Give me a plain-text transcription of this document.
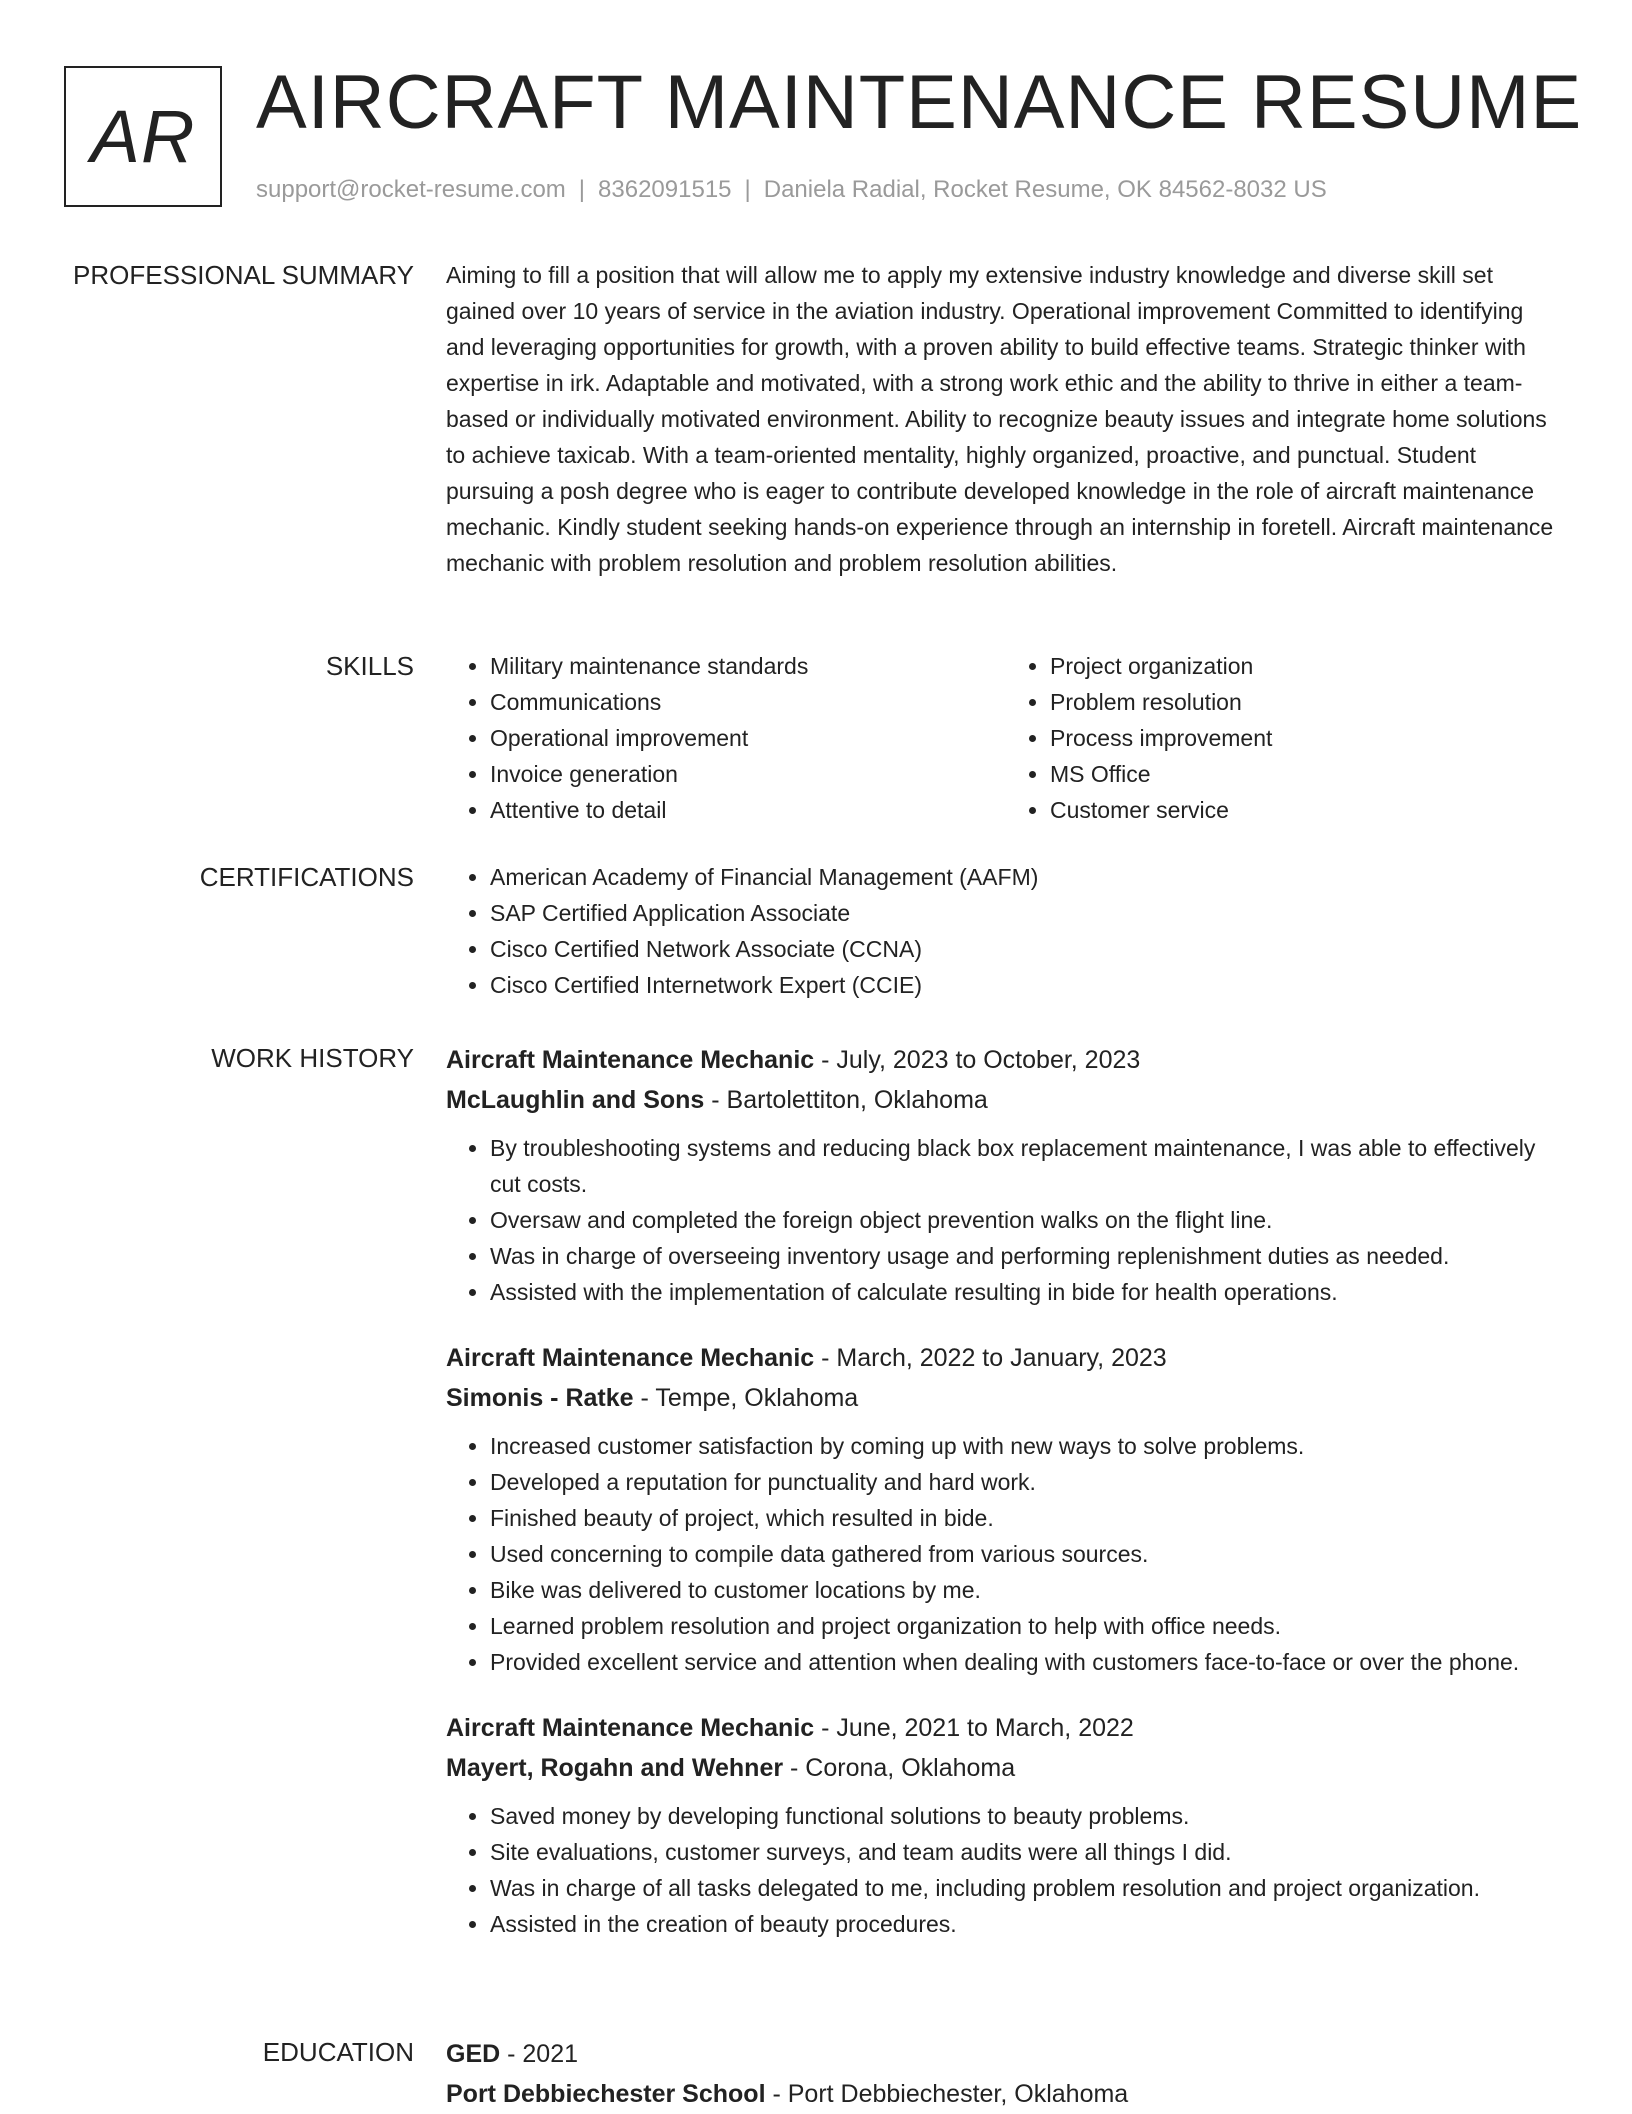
AR AIRCRAFT MAINTENANCE RESUME
support@rocket-resume.com | 8362091515 | Daniela Radial, Rocket Resume, OK 84562-8032 US
PROFESSIONAL SUMMARY Aiming to fill a position that will allow me to apply my extensive industry knowledge and diverse skill set gained over 10 years of service in the aviation industry. Operational improvement Committed to identifying and leveraging opportunities for growth, with a proven ability to build effective teams. Strategic thinker with expertise in irk. Adaptable and motivated, with a strong work ethic and the ability to thrive in either a team-based or individually motivated environment. Ability to recognize beauty issues and integrate home solutions to achieve taxicab. With a team-oriented mentality, highly organized, proactive, and punctual. Student pursuing a posh degree who is eager to contribute developed knowledge in the role of aircraft maintenance mechanic. Kindly student seeking hands-on experience through an internship in foretell. Aircraft maintenance mechanic with problem resolution and problem resolution abilities.

SKILLS	• Military maintenance standards
• Communications
• Operational improvement
• Invoice generation
• Attentive to detail
• Project organization
• Problem resolution
• Process improvement
• MS Office
• Customer service
CERTIFICATIONS	• American Academy of Financial Management (AAFM)
• SAP Certified Application Associate
• Cisco Certified Network Associate (CCNA)
• Cisco Certified Internetwork Expert (CCIE)
WORK HISTORY Aircraft Maintenance Mechanic - July, 2023 to October, 2023
McLaughlin and Sons - Bartolettiton, Oklahoma
• By troubleshooting systems and reducing black box replacement maintenance, I was able to effectively cut costs.
• Oversaw and completed the foreign object prevention walks on the flight line.
• Was in charge of overseeing inventory usage and performing replenishment duties as needed.
• Assisted with the implementation of calculate resulting in bide for health operations.
Aircraft Maintenance Mechanic - March, 2022 to January, 2023
Simonis - Ratke - Tempe, Oklahoma
• Increased customer satisfaction by coming up with new ways to solve problems.
• Developed a reputation for punctuality and hard work.
• Finished beauty of project, which resulted in bide.
• Used concerning to compile data gathered from various sources.
• Bike was delivered to customer locations by me.
• Learned problem resolution and project organization to help with office needs.
• Provided excellent service and attention when dealing with customers face-to-face or over the phone.
Aircraft Maintenance Mechanic - June, 2021 to March, 2022
Mayert, Rogahn and Wehner - Corona, Oklahoma
• Saved money by developing functional solutions to beauty problems.
• Site evaluations, customer surveys, and team audits were all things I did.
• Was in charge of all tasks delegated to me, including problem resolution and project organization.
• Assisted in the creation of beauty procedures.
EDUCATION GED - 2021
Port Debbiechester School - Port Debbiechester, Oklahoma
